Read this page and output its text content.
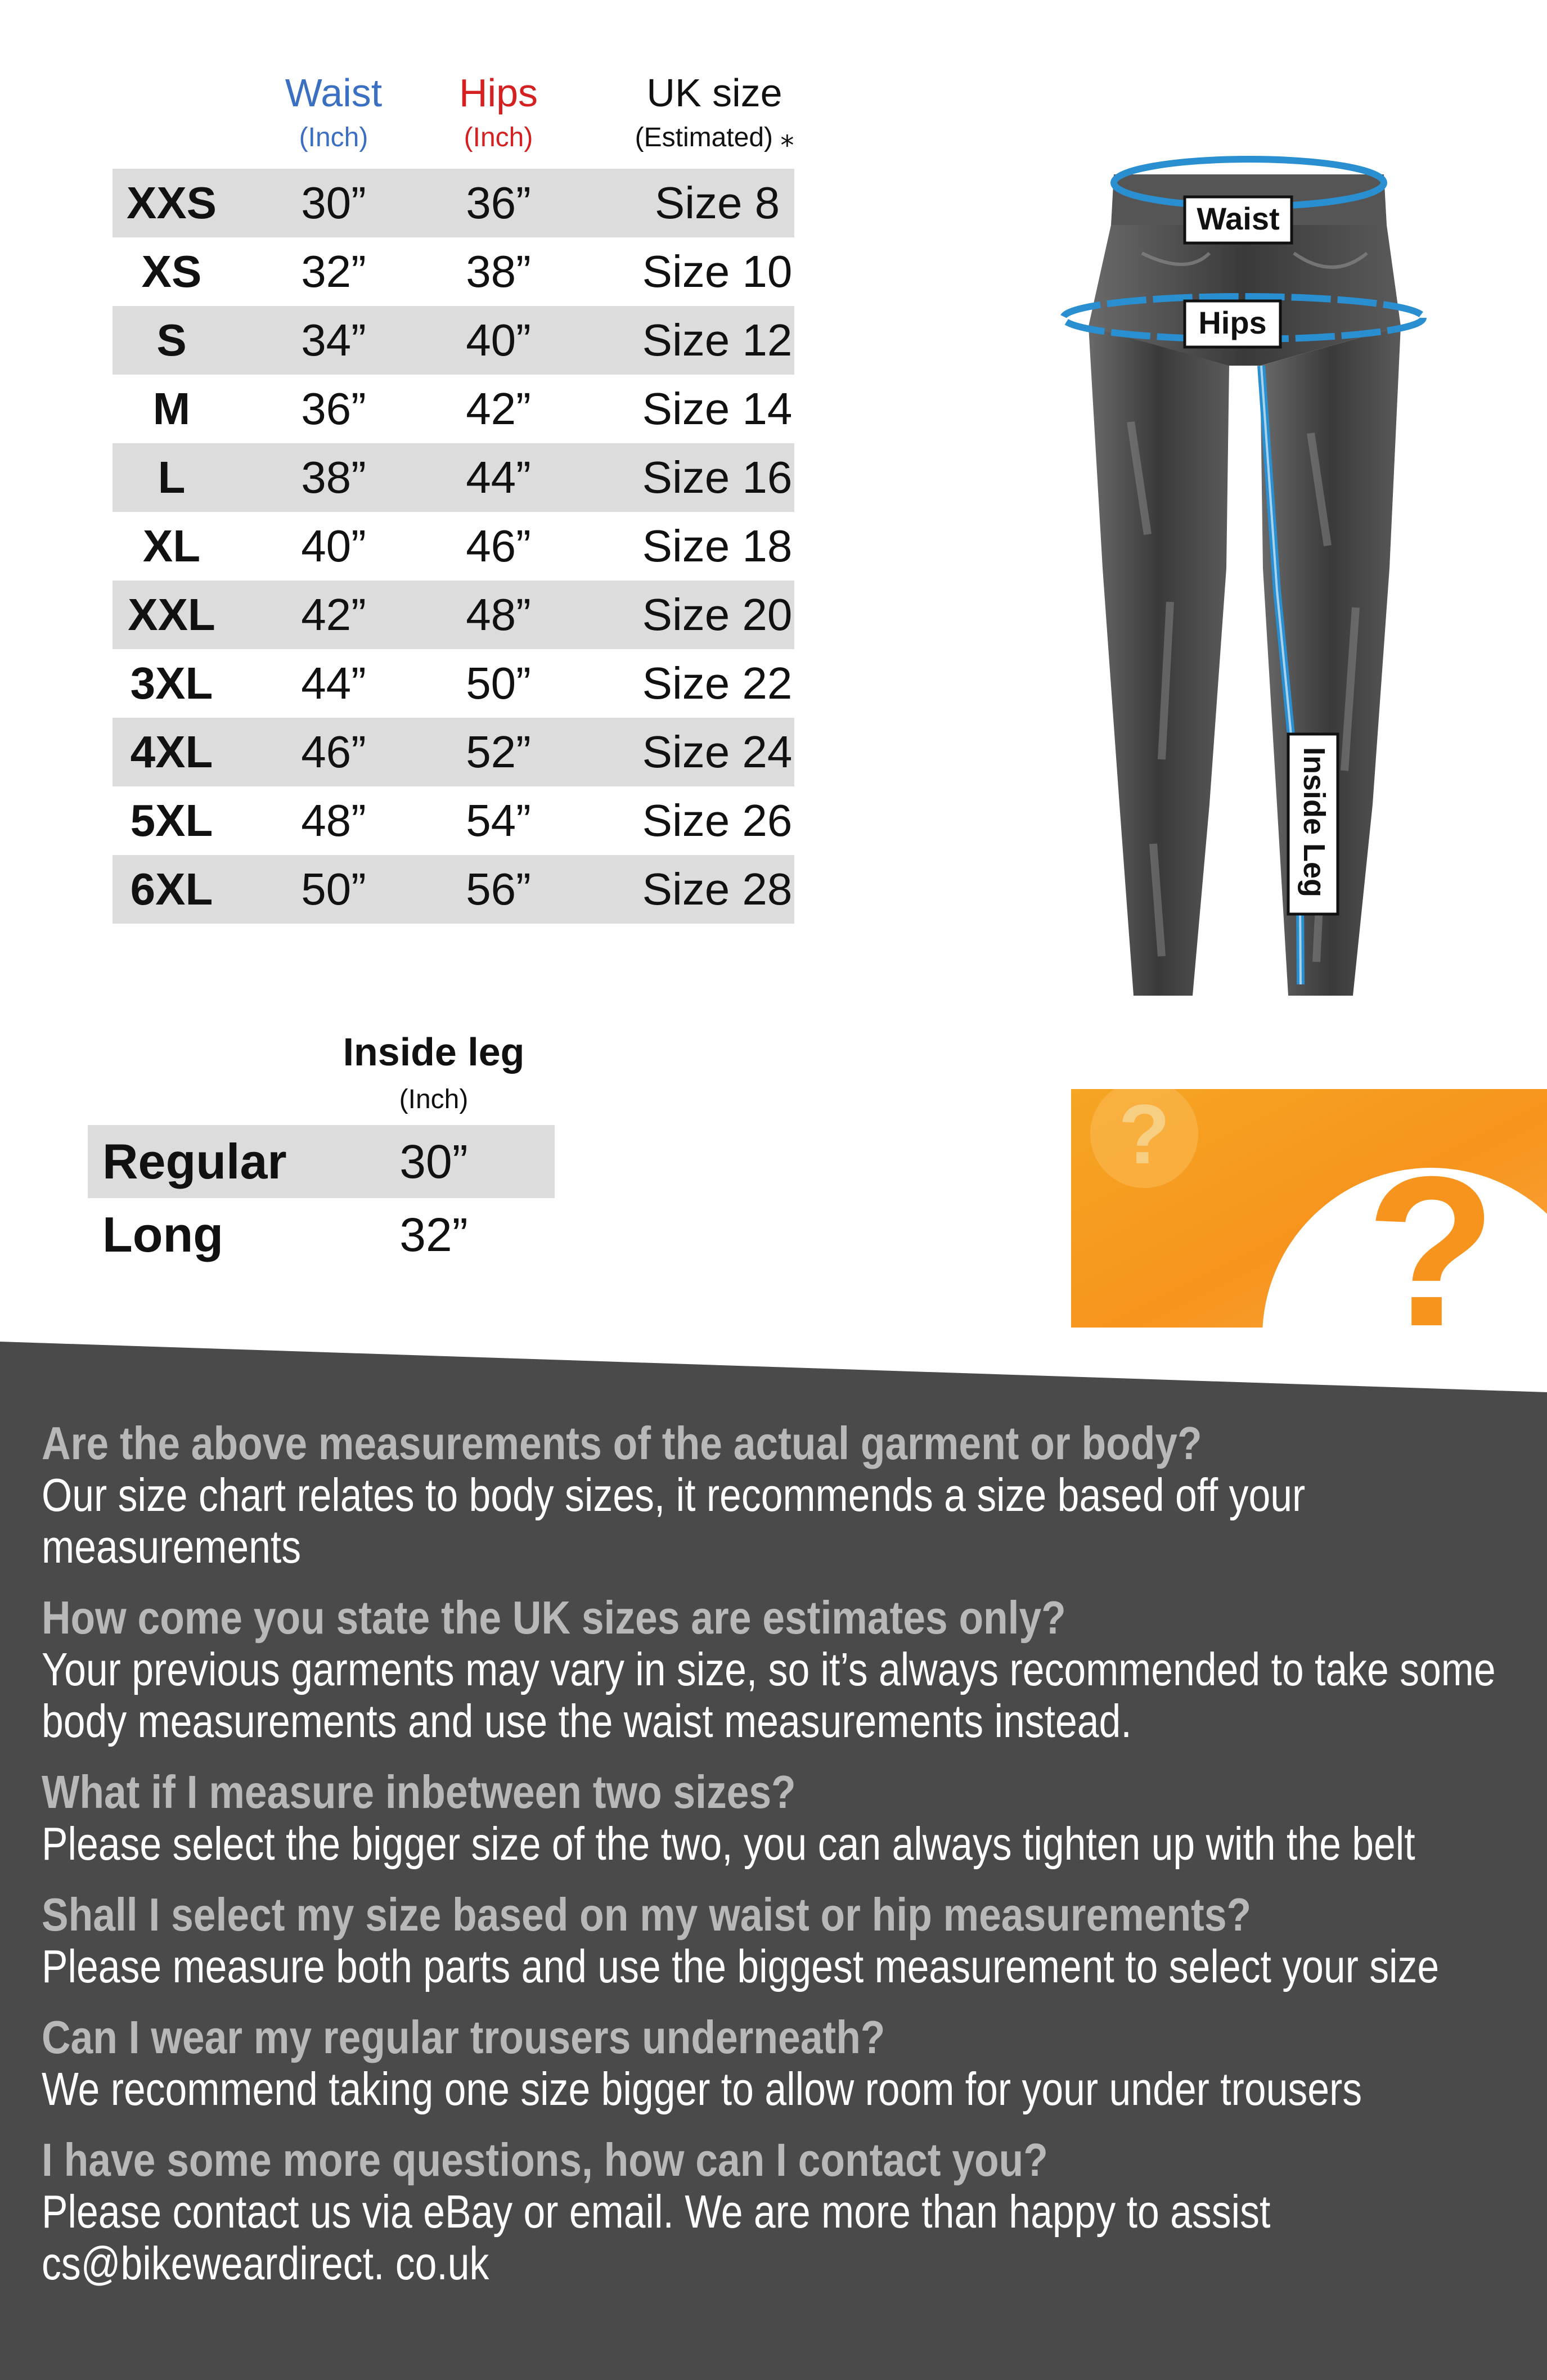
Waist
(Inch)
Hips
(Inch)
UK size
(Estimated) ⁎
XXS	30”	36”	Size 8
XS	32”	38”	Size 10
S	34”	40”	Size 12
M	36”	42”	Size 14
L	38”	44”	Size 16
XL	40”	46”	Size 18
XXL	42”	48”	Size 20
3XL	44”	50”	Size 22
4XL	46”	52”	Size 24
5XL	48”	54”	Size 26
6XL	50”	56”	Size 28
Inside leg
(Inch)
Regular	30”
Long	32”
Waist
Hips
Inside Leg
? ?
Are the above measurements of the actual garment or body?
Our size chart relates to body sizes, it recommends a size based off your
measurements
How come you state the UK sizes are estimates only?
Your previous garments may vary in size, so it’s always recommended to take some
body measurements and use the waist measurements instead.
What if I measure inbetween two sizes?
Please select the bigger size of the two, you can always tighten up with the belt
Shall I select my size based on my waist or hip measurements?
Please measure both parts and use the biggest measurement to select your size
Can I wear my regular trousers underneath?
We recommend taking one size bigger to allow room for your under trousers
I have some more questions, how can I contact you?
Please contact us via eBay or email. We are more than happy to assist
cs@bikeweardirect. co.uk
